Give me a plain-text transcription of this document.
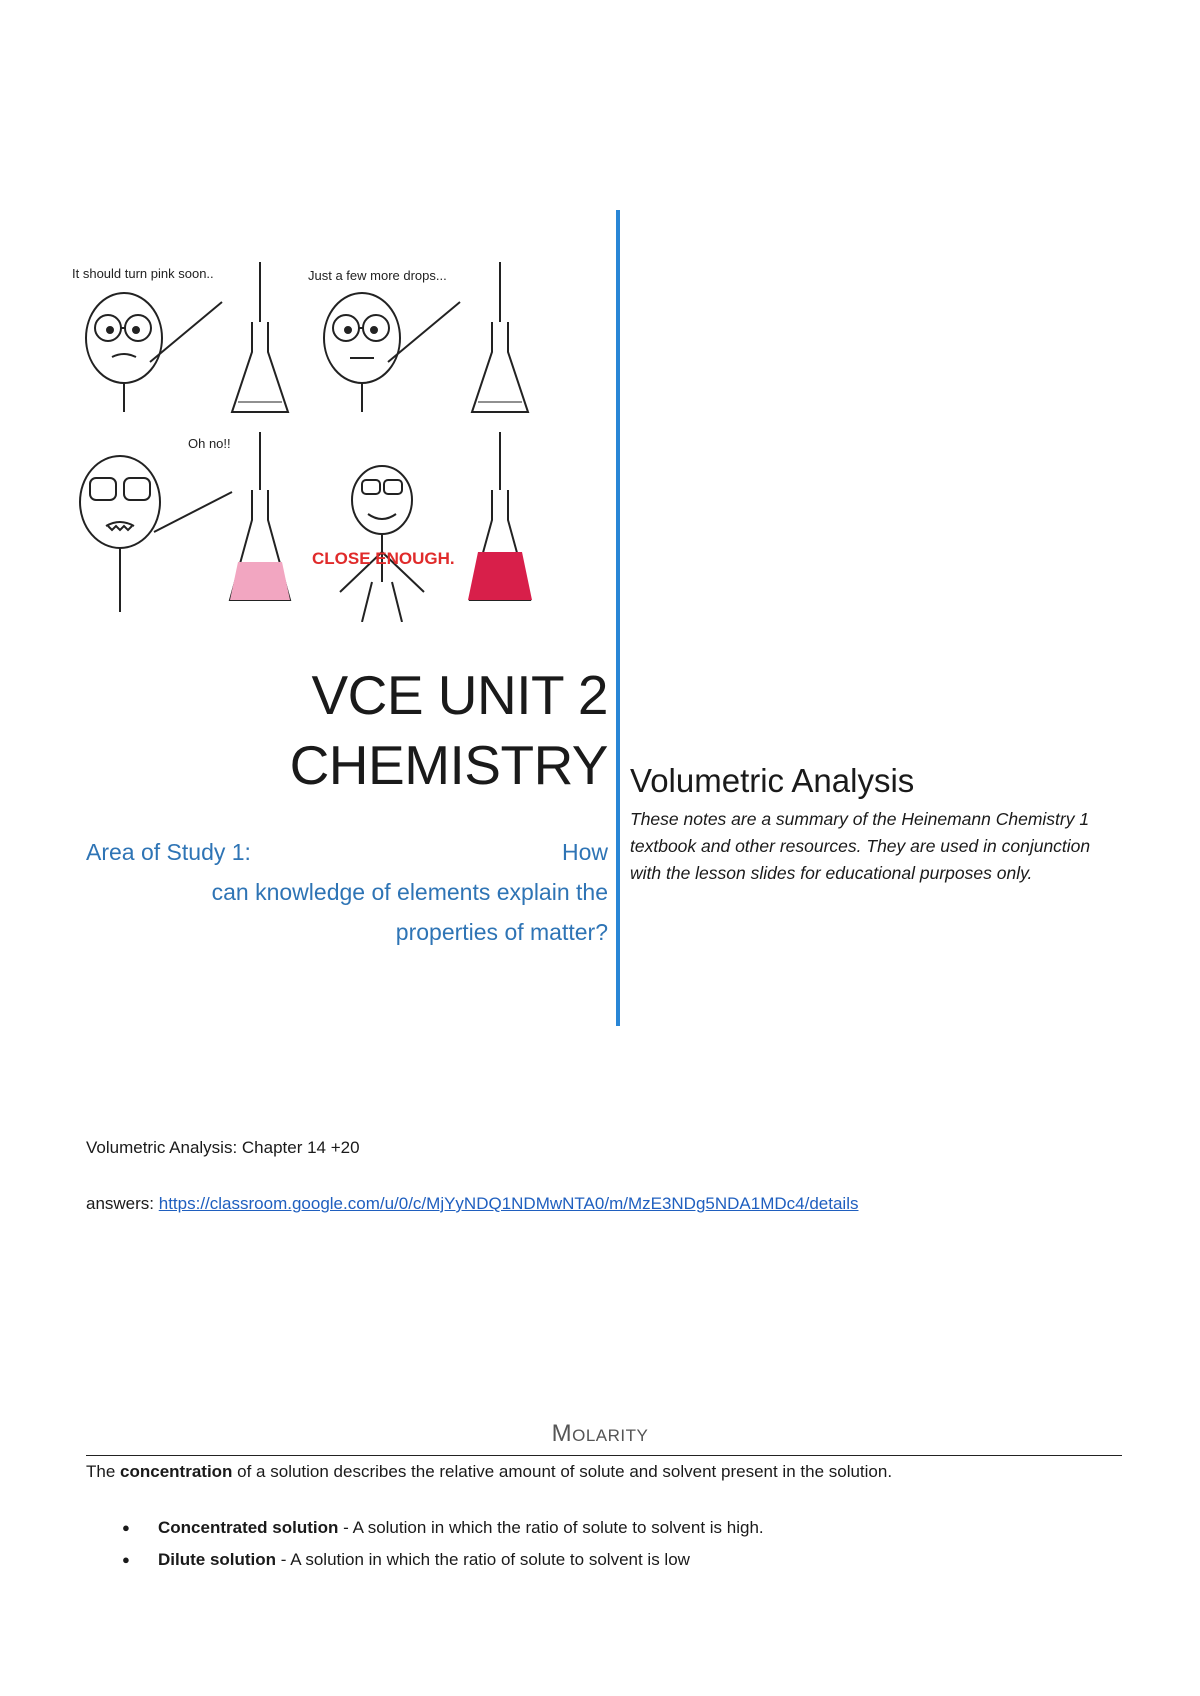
It should turn pink soon..	Just a few more drops...
Oh no!!
CLOSE ENOUGH.
VCE UNIT 2
CHEMISTRY
Area of Study 1:	How
can knowledge of elements explain the
properties of matter?
Volumetric Analysis
These notes are a summary of the Heinemann Chemistry 1 textbook and other resources. They are used in conjunction with the lesson slides for educational purposes only.
Volumetric Analysis: Chapter 14 +20
answers: https://classroom.google.com/u/0/c/MjYyNDQ1NDMwNTA0/m/MzE3NDg5NDA1MDc4/details
Molarity
The concentration of a solution describes the relative amount of solute and solvent present in the solution.
● Concentrated solution - A solution in which the ratio of solute to solvent is high.
● Dilute solution - A solution in which the ratio of solute to solvent is low
